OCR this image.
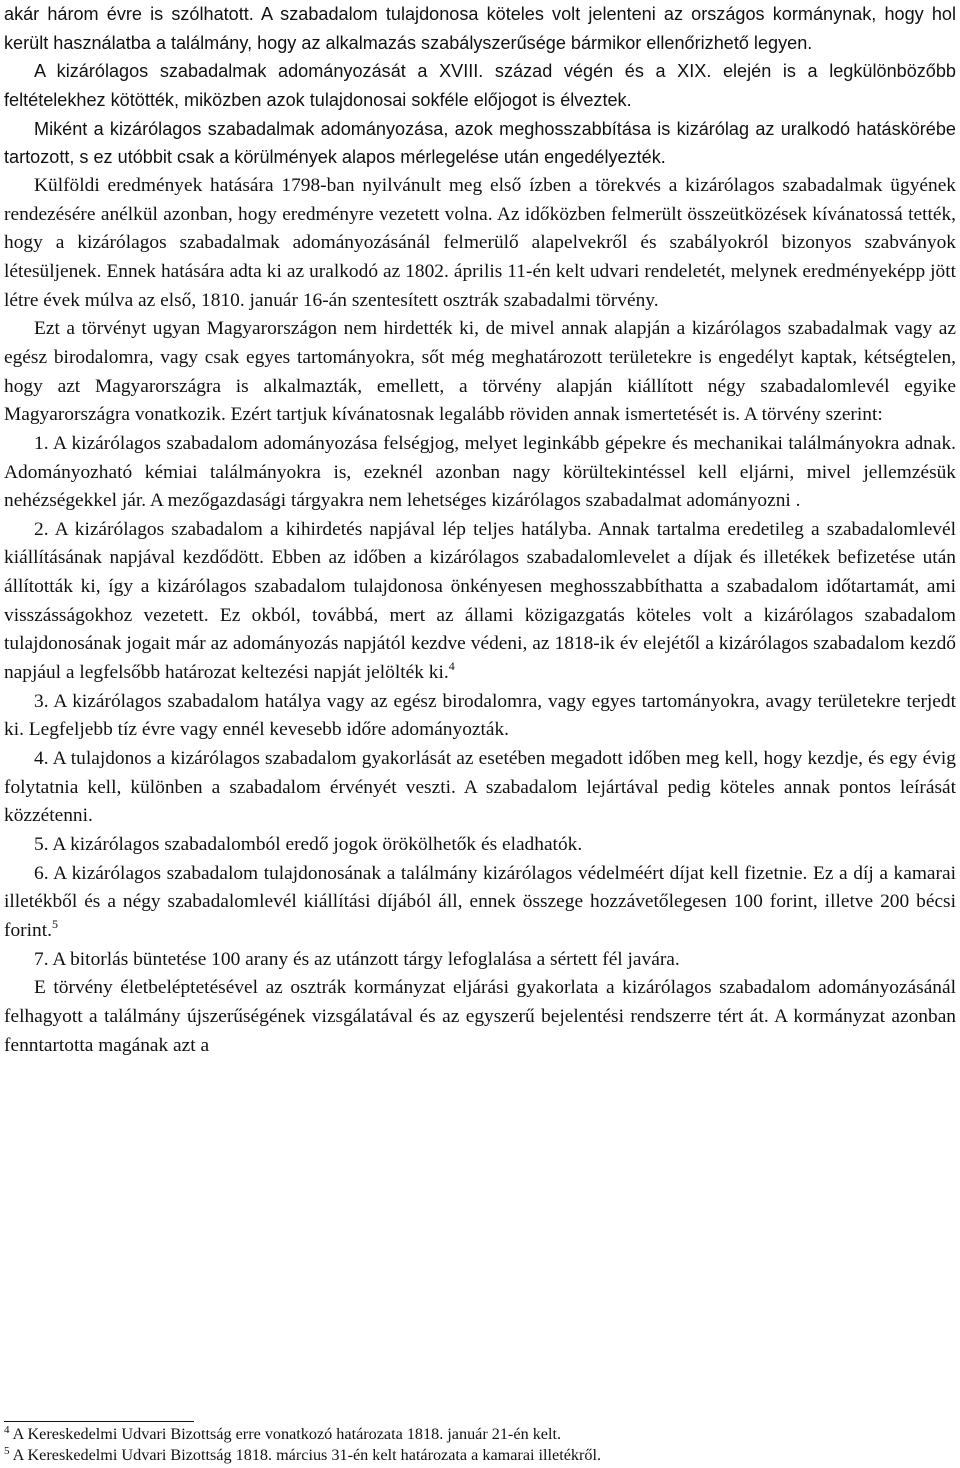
akár három évre is szólhatott. A szabadalom tulajdonosa köteles volt jelenteni az országos kormánynak, hogy hol került használatba a találmány, hogy az alkalmazás szabályszerűsége bármikor ellenőrizhető legyen.

A kizárólagos szabadalmak adományozását a XVIII. század végén és a XIX. elején is a legkülönbözőbb feltételekhez kötötték, miközben azok tulajdonosai sokféle előjogot is élveztek.

Miként a kizárólagos szabadalmak adományozása, azok meghosszabbítása is kizárólag az uralkodó hatáskörébe tartozott, s ez utóbbit csak a körülmények alapos mérlegelése után engedélyezték.

Külföldi eredmények hatására 1798-ban nyilvánult meg első ízben a törekvés a kizárólagos szabadalmak ügyének rendezésére anélkül azonban, hogy eredményre vezetett volna. Az időközben felmerült összeütközések kívánatossá tették, hogy a kizárólagos szabadalmak adományozásánál felmerülő alapelvekről és szabályokról bizonyos szabványok létesüljenek. Ennek hatására adta ki az uralkodó az 1802. április 11-én kelt udvari rendeletét, melynek eredményeképp jött létre évek múlva az első, 1810. január 16-án szentesített osztrák szabadalmi törvény.

Ezt a törvényt ugyan Magyarországon nem hirdették ki, de mivel annak alapján a kizárólagos szabadalmak vagy az egész birodalomra, vagy csak egyes tartományokra, sőt még meghatározott területekre is engedélyt kaptak, kétségtelen, hogy azt Magyarországra is alkalmazták, emellett, a törvény alapján kiállított négy szabadalomlevél egyike Magyarországra vonatkozik. Ezért tartjuk kívánatosnak legalább röviden annak ismertetését is. A törvény szerint:

1. A kizárólagos szabadalom adományozása felségjog, melyet leginkább gépekre és mechanikai találmányokra adnak. Adományozható kémiai találmányokra is, ezeknél azonban nagy körültekintéssel kell eljárni, mivel jellemzésük nehézségekkel jár. A mezőgazdasági tárgyakra nem lehetséges kizárólagos szabadalmat adományozni .

2. A kizárólagos szabadalom a kihirdetés napjával lép teljes hatályba. Annak tartalma eredetileg a szabadalomlevél kiállításának napjával kezdődött. Ebben az időben a kizárólagos szabadalomlevelet a díjak és illetékek befizetése után állították ki, így a kizárólagos szabadalom tulajdonosa önkényesen meghosszabbíthatta a szabadalom időtartamát, ami visszásságokhoz vezetett. Ez okból, továbbá, mert az állami közigazgatás köteles volt a kizárólagos szabadalom tulajdonosának jogait már az adományozás napjától kezdve védeni, az 1818-ik év elejétől a kizárólagos szabadalom kezdő napjául a legfelsőbb határozat keltezési napját jelölték ki.$^4$

3. A kizárólagos szabadalom hatálya vagy az egész birodalomra, vagy egyes tartományokra, avagy területekre terjedt ki. Legfeljebb tíz évre vagy ennél kevesebb időre adományozták.

4. A tulajdonos a kizárólagos szabadalom gyakorlását az esetében megadott időben meg kell, hogy kezdje, és egy évig folytatnia kell, különben a szabadalom érvényét veszti. A szabadalom lejártával pedig köteles annak pontos leírását közzétenni.

5. A kizárólagos szabadalomból eredő jogok örökölhetők és eladhatók.

6. A kizárólagos szabadalom tulajdonosának a találmány kizárólagos védelméért díjat kell fizetnie. Ez a díj a kamarai illetékből és a négy szabadalomlevél kiállítási díjából áll, ennek összege hozzávetőlegesen 100 forint, illetve 200 bécsi forint.$^5$

7. A bitorlás büntetése 100 arany és az utánzott tárgy lefoglalása a sértett fél javára.

E törvény életbeléptetésével az osztrák kormányzat eljárási gyakorlata a kizárólagos szabadalom adományozásánál felhagyott a találmány újszerűségének vizsgálatával és az egyszerű bejelentési rendszerre tért át. A kormányzat azonban fenntartotta magának azt a

$^4$ A Kereskedelmi Udvari Bizottság erre vonatkozó határozata 1818. január 21-én kelt.

$^5$ A Kereskedelmi Udvari Bizottság 1818. március 31-én kelt határozata a kamarai illetékről.
